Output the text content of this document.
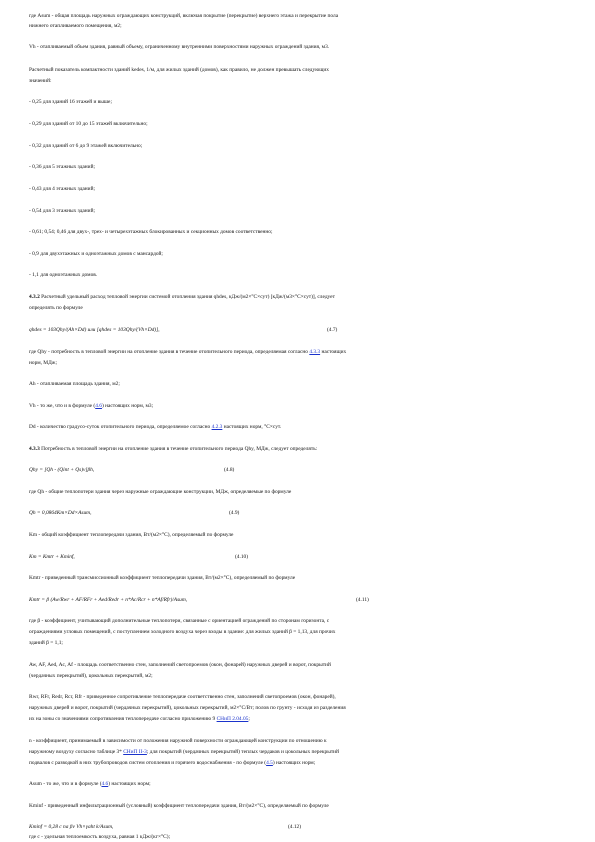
где Аsum - общая площадь наружных ограждающих конструкций, включая покрытие (перекрытие) верхнего этажа и перекрытие пола
нижнего отапливаемого помещения, м2;
Vh - отапливаемый объем здания, равный объему, ограниченному внутренними поверхностями наружных ограждений здания, м3.
Расчетный показатель компактности зданий kedes, 1/м, для жилых зданий (домов), как правило, не должен превышать следующих
значений:
- 0,25 для зданий 16 этажей и выше;
- 0,29 для зданий от 10 до 15 этажей включительно;
- 0,32 для зданий от 6 до 9 этажей включительно;
- 0,36 для 5 этажных зданий;
- 0,43 для 4 этажных зданий;
- 0,54 для 3 этажных зданий;
- 0,61; 0,54; 0,46 для двух-, трех- и четырехэтажных блокированных и секционных домов соответственно;
- 0,9 для двухэтажных и одноэтажных домов с мансардой;
- 1,1 для одноэтажных домов.
4.3.2 Расчетный удельный расход тепловой энергии системой отопления здания qhdes, кДж/(м2×°С×сут) [кДж/(м3×°С×сут)], следует
определять по формуле
qhdes = 103Qhy/(Ah×Dd) или [qhdes = 103Qhy/(Vh×Dd)],	(4.7)
где Qhy - потребность в тепловой энергии на отопление здания в течение отопительного периода, определяемая согласно 4.3.3 настоящих
норм, МДж;
Ah - отапливаемая площадь здания, м2;
Vh - то же, что и в формуле (4.6) настоящих норм, м3;
Dd - количество градусо-суток отопительного периода, определяемое согласно 4.2.3 настоящих норм, °С×сут.
4.3.3 Потребность в тепловой энергии на отопление здания в течение отопительного периода Qhy, МДж, следует определять:
Qhy = [Qh - (Qint + Qs)ν]βh,	(4.8)
где Qh - общие теплопотери здания через наружные ограждающие конструкции, МДж, определяемые по формуле
Qh = 0,0864Km×Dd×Asum,	(4.9)
Km - общий коэффициент теплопередачи здания, Вт/(м2×°С), определяемый по формуле
Km = Kmtr + Kminf,	(4.10)
Kmtr - приведенный трансмиссионный коэффициент теплопередачи здания, Вт/(м2×°С), определяемый по формуле
Kmtr = β (Aw/Rwr + AF/RFr + Aed/Redr + n*Ac/Rcr + n*Af/Rfr)/Asum,	(4.11)
где β - коэффициент, учитывающий дополнительные теплопотери, связанные с ориентацией ограждений по сторонам горизонта, с
ограждениями угловых помещений, с поступлением холодного воздуха через входы в здание: для жилых зданий β = 1,13, для прочих
зданий β = 1,1;
Aw, AF, Aed, Ac, Af - площадь соответственно стен, заполнений светопроемов (окон, фонарей) наружных дверей и ворот, покрытий
(чердачных перекрытий), цокольных перекрытий, м2;
Rwr, RFr, Redr, Rcr, Rfr - приведенное сопротивление теплопередаче соответственно стен, заполнений светопроемов (окон, фонарей),
наружных дверей и ворот, покрытий (чердачных перекрытий), цокольных перекрытий, м2×°С/Вт; полов по грунту - исходя из разделения
их на зоны со значениями сопротивления теплопередаче согласно приложению 9 СНиП 2.04.05;
n - коэффициент, принимаемый в зависимости от положения наружной поверхности ограждающей конструкции по отношению к
наружному воздуху согласно таблице 3* СНиП II-3; для покрытий (чердачных перекрытий) теплых чердаков и цокольных перекрытий
подвалов с разводкой в них трубопроводов систем отопления и горячего водоснабжения - по формуле (4.5) настоящих норм;
Asum - то же, что и в формуле (4.6) настоящих норм;
Kminf - приведенный инфильтрационный (условный) коэффициент теплопередачи здания, Вт/(м2×°С), определяемый по формуле
Kminf = 0,28 с na βν Vh×γaht k/Asum,	(4.12)
где с - удельная теплоемкость воздуха, равная 1 кДж/(кг×°С);
